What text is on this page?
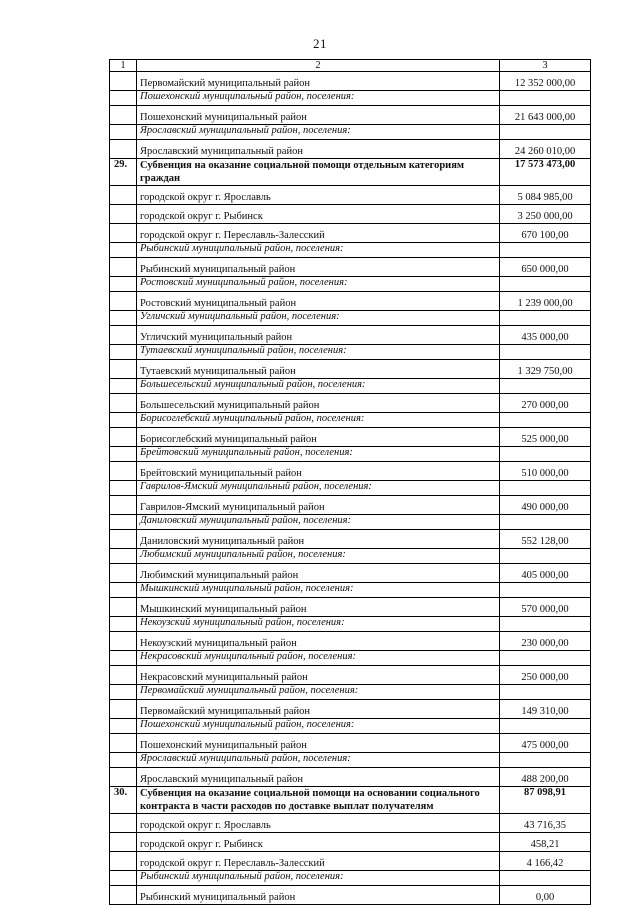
21
1	2	3
	Первомайский муниципальный район	12 352 000,00
	Пошехонский муниципальный район, поселения:	
	Пошехонский муниципальный район	21 643 000,00
	Ярославский муниципальный район, поселения:	
	Ярославский муниципальный район	24 260 010,00
29.	Субвенция на оказание социальной помощи отдельным категориям граждан	17 573 473,00
	городской округ г. Ярославль	5 084 985,00
	городской округ г. Рыбинск	3 250 000,00
	городской округ г. Переславль-Залесский	670 100,00
	Рыбинский муниципальный район, поселения:	
	Рыбинский муниципальный район	650 000,00
	Ростовский муниципальный район, поселения:	
	Ростовский муниципальный район	1 239 000,00
	Угличский муниципальный район, поселения:	
	Угличский муниципальный район	435 000,00
	Тутаевский муниципальный район, поселения:	
	Тутаевский муниципальный район	1 329 750,00
	Большесельский муниципальный район, поселения:	
	Большесельский муниципальный район	270 000,00
	Борисоглебский муниципальный район, поселения:	
	Борисоглебский муниципальный район	525 000,00
	Брейтовский муниципальный район, поселения:	
	Брейтовский муниципальный район	510 000,00
	Гаврилов-Ямский муниципальный район, поселения:	
	Гаврилов-Ямский муниципальный район	490 000,00
	Даниловский муниципальный район, поселения:	
	Даниловский муниципальный район	552 128,00
	Любимский муниципальный район, поселения:	
	Любимский муниципальный район	405 000,00
	Мышкинский муниципальный район, поселения:	
	Мышкинский муниципальный район	570 000,00
	Некоузский муниципальный район, поселения:	
	Некоузский муниципальный район	230 000,00
	Некрасовский муниципальный район, поселения:	
	Некрасовский муниципальный район	250 000,00
	Первомайский муниципальный район, поселения:	
	Первомайский муниципальный район	149 310,00
	Пошехонский муниципальный район, поселения:	
	Пошехонский муниципальный район	475 000,00
	Ярославский муниципальный район, поселения:	
	Ярославский муниципальный район	488 200,00
30.	Субвенция на оказание социальной помощи на основании социального контракта в части расходов по доставке выплат получателям	87 098,91
	городской округ г. Ярославль	43 716,35
	городской округ г. Рыбинск	458,21
	городской округ г. Переславль-Залесский	4 166,42
	Рыбинский муниципальный район, поселения:	
	Рыбинский муниципальный район	0,00
